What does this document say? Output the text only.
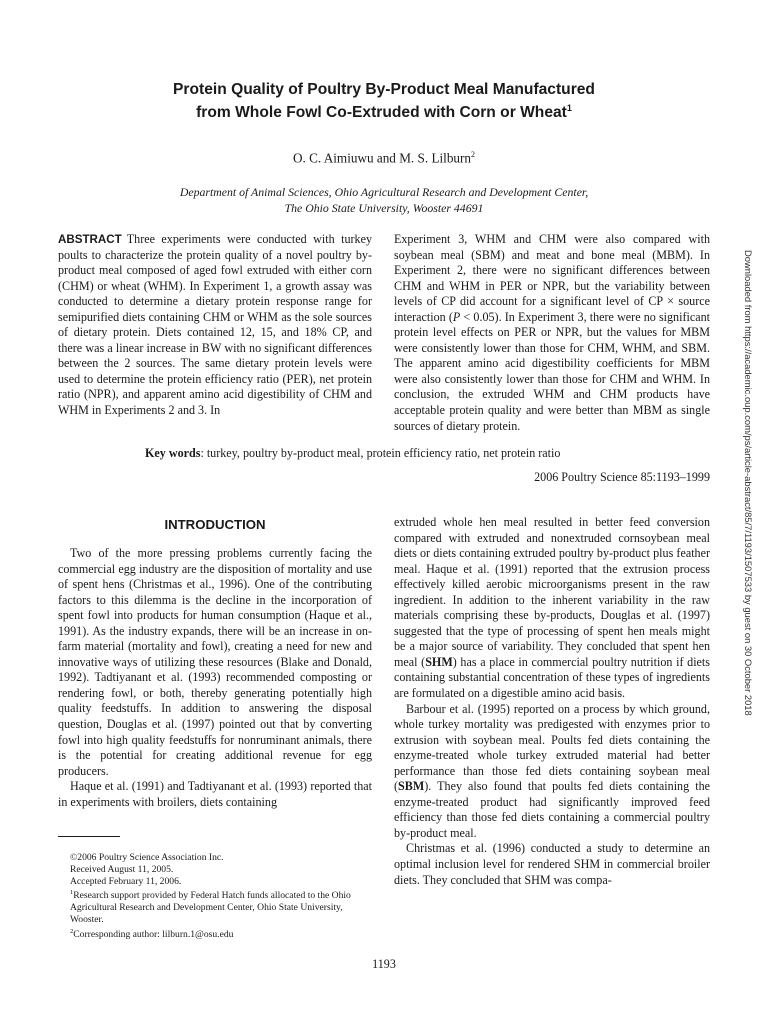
Protein Quality of Poultry By-Product Meal Manufactured
from Whole Fowl Co-Extruded with Corn or Wheat$^1$
O. C. Aimiuwu and M. S. Lilburn$^2$
Department of Animal Sciences, Ohio Agricultural Research and Development Center,
The Ohio State University, Wooster 44691

ABSTRACT Three experiments were conducted with turkey poults to characterize the protein quality of a novel poultry by-product meal composed of aged fowl extruded with either corn (CHM) or wheat (WHM). In Experiment 1, a growth assay was conducted to determine a dietary protein response range for semipurified diets containing CHM or WHM as the sole sources of dietary protein. Diets contained 12, 15, and 18% CP, and there was a linear increase in BW with no significant differences between the 2 sources. The same dietary protein levels were used to determine the protein efficiency ratio (PER), net protein ratio (NPR), and apparent amino acid digestibility of CHM and WHM in Experiments 2 and 3. In

Experiment 3, WHM and CHM were also compared with soybean meal (SBM) and meat and bone meal (MBM). In Experiment 2, there were no significant differences between CHM and WHM in PER or NPR, but the variability between levels of CP did account for a significant level of CP × source interaction (P < 0.05). In Experiment 3, there were no significant protein level effects on PER or NPR, but the values for MBM were consistently lower than those for CHM, WHM, and SBM. The apparent amino acid digestibility coefficients for MBM were also consistently lower than those for CHM and WHM. In conclusion, the extruded WHM and CHM products have acceptable protein quality and were better than MBM as single sources of dietary protein.

Key words: turkey, poultry by-product meal, protein efficiency ratio, net protein ratio
2006 Poultry Science 85:1193–1999
INTRODUCTION

Two of the more pressing problems currently facing the commercial egg industry are the disposition of mortality and use of spent hens (Christmas et al., 1996). One of the contributing factors to this dilemma is the decline in the incorporation of spent fowl into products for human consumption (Haque et al., 1991). As the industry expands, there will be an increase in on-farm material (mortality and fowl), creating a need for new and innovative ways of utilizing these resources (Blake and Donald, 1992). Tadtiyanant et al. (1993) recommended composting or rendering fowl, or both, thereby generating potentially high quality feedstuffs. In addition to answering the disposal question, Douglas et al. (1997) pointed out that by converting fowl into high quality feedstuffs for nonruminant animals, there is the potential for creating additional revenue for egg producers.

Haque et al. (1991) and Tadtiyanant et al. (1993) reported that in experiments with broilers, diets containing

extruded whole hen meal resulted in better feed conversion compared with extruded and nonextruded cornsoybean meal diets or diets containing extruded poultry by-product plus feather meal. Haque et al. (1991) reported that the extrusion process effectively killed aerobic microorganisms present in the raw ingredient. In addition to the inherent variability in the raw materials comprising these by-products, Douglas et al. (1997) suggested that the type of processing of spent hen meals might be a major source of variability. They concluded that spent hen meal (SHM) has a place in commercial poultry nutrition if diets containing substantial concentration of these types of ingredients are formulated on a digestible amino acid basis.

Barbour et al. (1995) reported on a process by which ground, whole turkey mortality was predigested with enzymes prior to extrusion with soybean meal. Poults fed diets containing the enzyme-treated whole turkey extruded material had better performance than those fed diets containing soybean meal (SBM). They also found that poults fed diets containing the enzyme-treated product had significantly improved feed efficiency than those fed diets containing a commercial poultry by-product meal.

Christmas et al. (1996) conducted a study to determine an optimal inclusion level for rendered SHM in commercial broiler diets. They concluded that SHM was compa-

©2006 Poultry Science Association Inc.

Received August 11, 2005.

Accepted February 11, 2006.

$^1$Research support provided by Federal Hatch funds allocated to the Ohio Agricultural Research and Development Center, Ohio State University, Wooster.

$^2$Corresponding author: lilburn.1@osu.edu

1193
Downloaded from https://academic.oup.com/ps/article-abstract/85/7/1193/1507533 by guest on 30 October 2018
